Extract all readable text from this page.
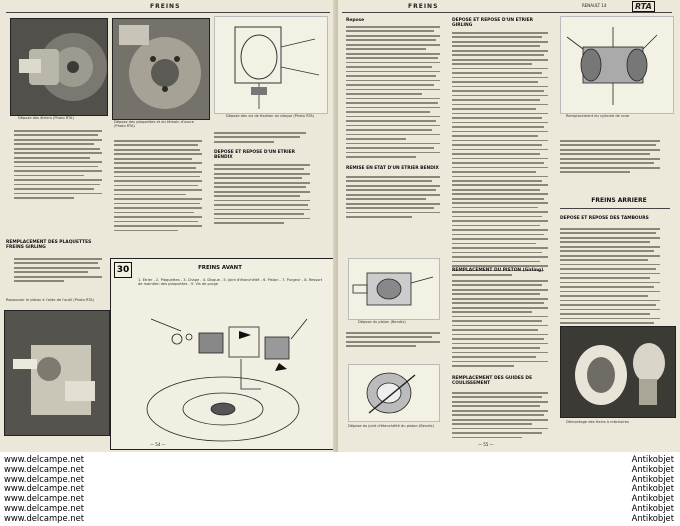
FREINS
Dépose des étriers (Photo RTA)
Dépose des plaquettes et du témoin d'usure (Photo RTA)
Dépose des vis de fixation du disque (Photo RTA)
REMPLACEMENT DES PLAQUETTES FREINS GIRLING
Repousser le piston à l'aide de l'outil (Photo RTA)
DEPOSE ET REPOSE D'UN ETRIER BENDIX
30	FREINS AVANT
1. Etrier - 2. Plaquettes - 3. Chape - 4. Disque - 5. Joint d'étanchéité - 6. Piston - 7. Purgeur - 8. Ressort de maintien des plaquettes - 9. Vis de purge
— 54 —
FREINS	RENAULT 14	RTA
Repose
REMISE EN ETAT D'UN ETRIER BENDIX
Dépose du piston (Bendix)
Dépose du joint d'étanchéité du piston (Bendix)
DEPOSE ET REPOSE D'UN ETRIER GIRLING
REMPLACEMENT DU PISTON (Girling)
REMPLACEMENT DES GUIDES DE COULISSEMENT
Remplacement du cylindre de roue
FREINS ARRIERE
DEPOSE ET REPOSE DES TAMBOURS
Démontage des freins à mâchoires
— 55 —
www.delcampe.net
www.delcampe.net
www.delcampe.net
www.delcampe.net
www.delcampe.net
www.delcampe.net
www.delcampe.net
Antikobjet
Antikobjet
Antikobjet
Antikobjet
Antikobjet
Antikobjet
Antikobjet
